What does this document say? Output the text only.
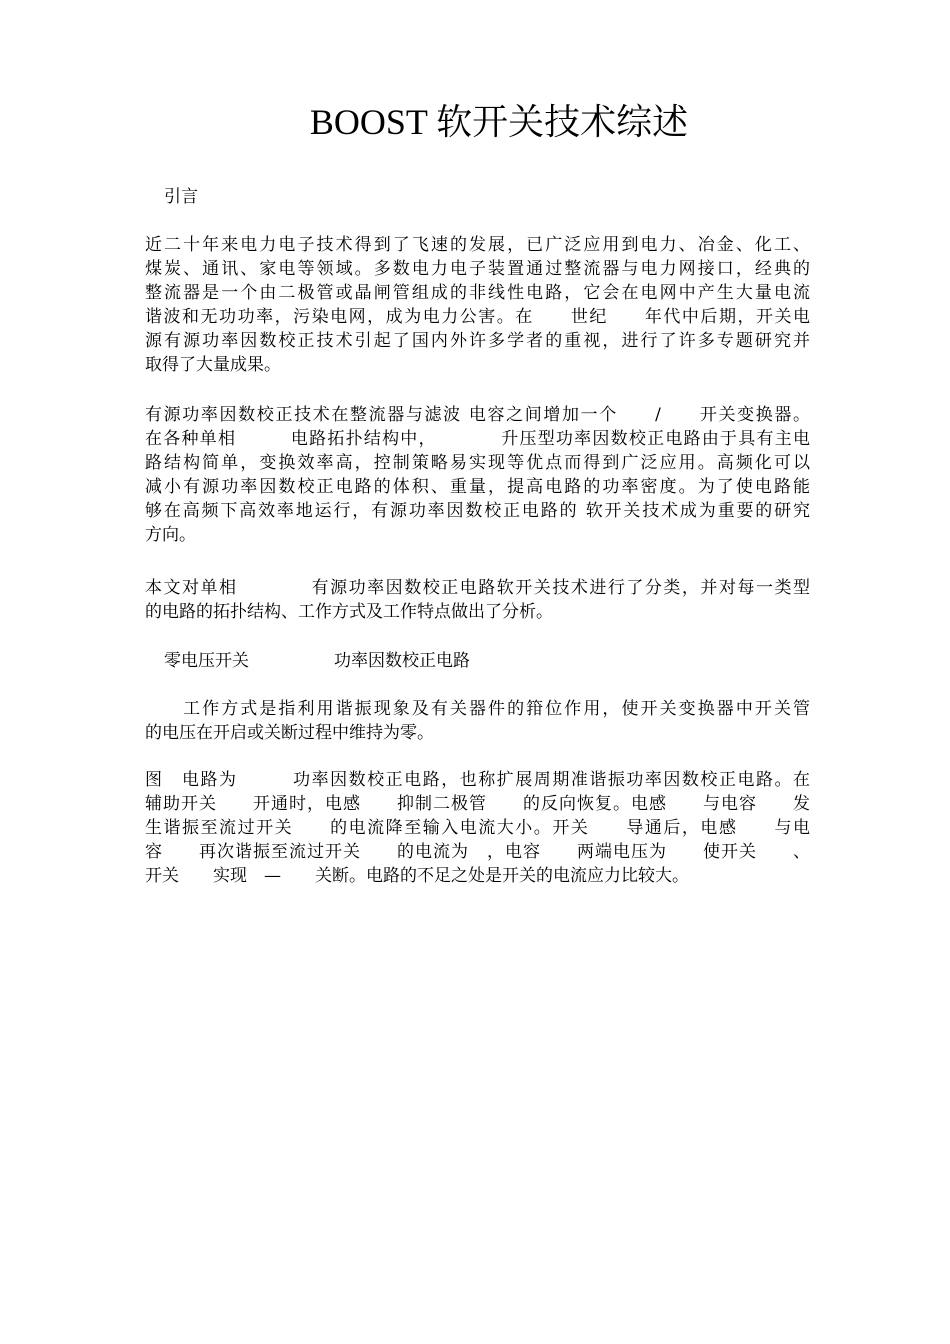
BOOST 软开关技术综述
引言
近二十年来电力电子技术得到了飞速的发展，已广泛应用到电力、冶金、化工、
煤炭、通讯、家电等领域。多数电力电子装置通过整流器与电力网接口，经典的
整流器是一个由二极管或晶闸管组成的非线性电路，它会在电网中产生大量电流
谐波和无功功率，污染电网，成为电力公害。在　　世纪　　年代中后期，开关电
源有源功率因数校正技术引起了国内外许多学者的重视，进行了许多专题研究并
取得了大量成果。
有源功率因数校正技术在整流器与滤波 电容之间增加一个　　/　　开关变换器。
在各种单相　　　电路拓扑结构中，　　　　升压型功率因数校正电路由于具有主电
路结构简单，变换效率高，控制策略易实现等优点而得到广泛应用。高频化可以
减小有源功率因数校正电路的体积、重量，提高电路的功率密度。为了使电路能
够在高频下高效率地运行，有源功率因数校正电路的 软开关技术成为重要的研究
方向。
本文对单相　　　　有源功率因数校正电路软开关技术进行了分类，并对每一类型
的电路的拓扑结构、工作方式及工作特点做出了分析。
零电压开关　　　　　功率因数校正电路
　　工作方式是指利用谐振现象及有关器件的箝位作用，使开关变换器中开关管
的电压在开启或关断过程中维持为零。
图　电路为　　　功率因数校正电路，也称扩展周期准谐振功率因数校正电路。在
辅助开关　　开通时，电感　　抑制二极管　　的反向恢复。电感　　与电容　　发
生谐振至流过开关　　的电流降至输入电流大小。开关　　导通后，电感　　与电
容　　再次谐振至流过开关　　的电流为　，电容　　两端电压为　　使开关　　、
开关　　实现　—　　关断。电路的不足之处是开关的电流应力比较大。
